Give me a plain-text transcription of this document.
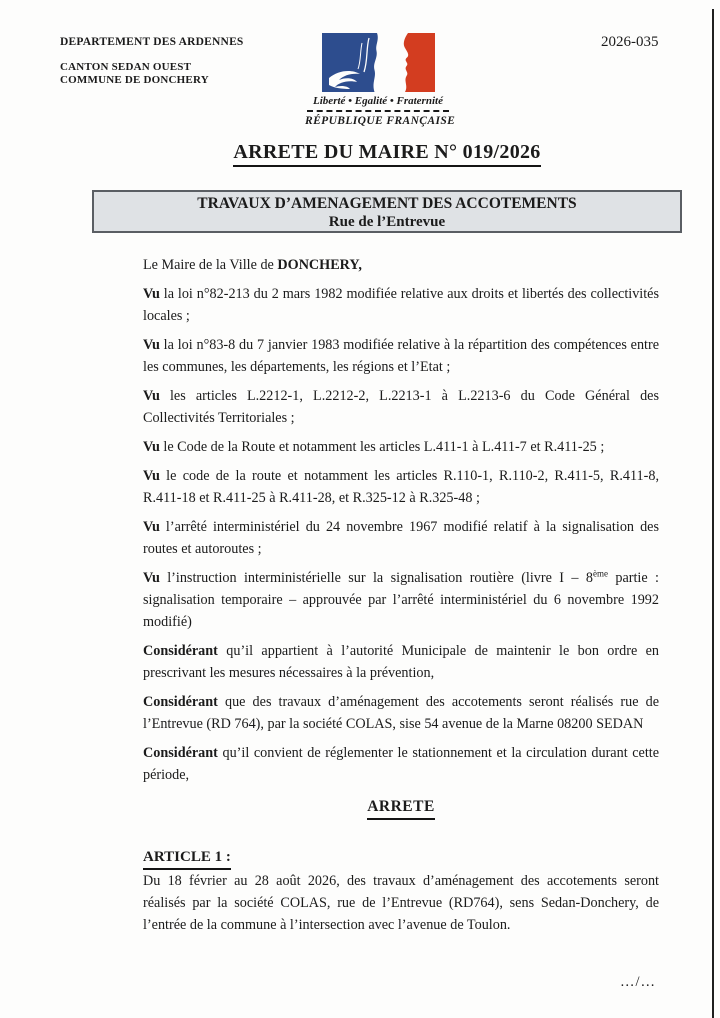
DEPARTEMENT DES ARDENNES
CANTON SEDAN OUEST
COMMUNE DE DONCHERY
2026-035
Liberté • Egalité • Fraternité
RÉPUBLIQUE FRANÇAISE
ARRETE DU MAIRE N° 019/2026
TRAVAUX D’AMENAGEMENT DES ACCOTEMENTS
Rue de l’Entrevue

Le Maire de la Ville de DONCHERY,

Vu la loi n°82-213 du 2 mars 1982 modifiée relative aux droits et libertés des collectivités locales ;

Vu la loi n°83-8 du 7 janvier 1983 modifiée relative à la répartition des compétences entre les communes, les départements, les régions et l’Etat ;

Vu les articles L.2212-1, L.2212-2, L.2213-1 à L.2213-6 du Code Général des Collectivités Territoriales ;

Vu le Code de la Route et notamment les articles L.411-1 à L.411-7 et R.411-25 ;

Vu le code de la route et notamment les articles R.110-1, R.110-2, R.411-5, R.411-8, R.411-18 et R.411-25 à R.411-28, et R.325-12 à R.325-48 ;

Vu l’arrêté interministériel du 24 novembre 1967 modifié relatif à la signalisation des routes et autoroutes ;

Vu l’instruction interministérielle sur la signalisation routière (livre I – 8ème partie : signalisation temporaire – approuvée par l’arrêté interministériel du 6 novembre 1992 modifié)

Considérant qu’il appartient à l’autorité Municipale de maintenir le bon ordre en prescrivant les mesures nécessaires à la prévention,

Considérant que des travaux d’aménagement des accotements seront réalisés rue de l’Entrevue (RD 764), par la société COLAS, sise 54 avenue de la Marne 08200 SEDAN

Considérant qu’il convient de réglementer le stationnement et la circulation durant cette période,

ARRETE

ARTICLE 1 :

Du 18 février au 28 août 2026, des travaux d’aménagement des accotements seront réalisés par la société COLAS, rue de l’Entrevue (RD764), sens Sedan-Donchery, de l’entrée de la commune à l’intersection avec l’avenue de Toulon.

…/…
